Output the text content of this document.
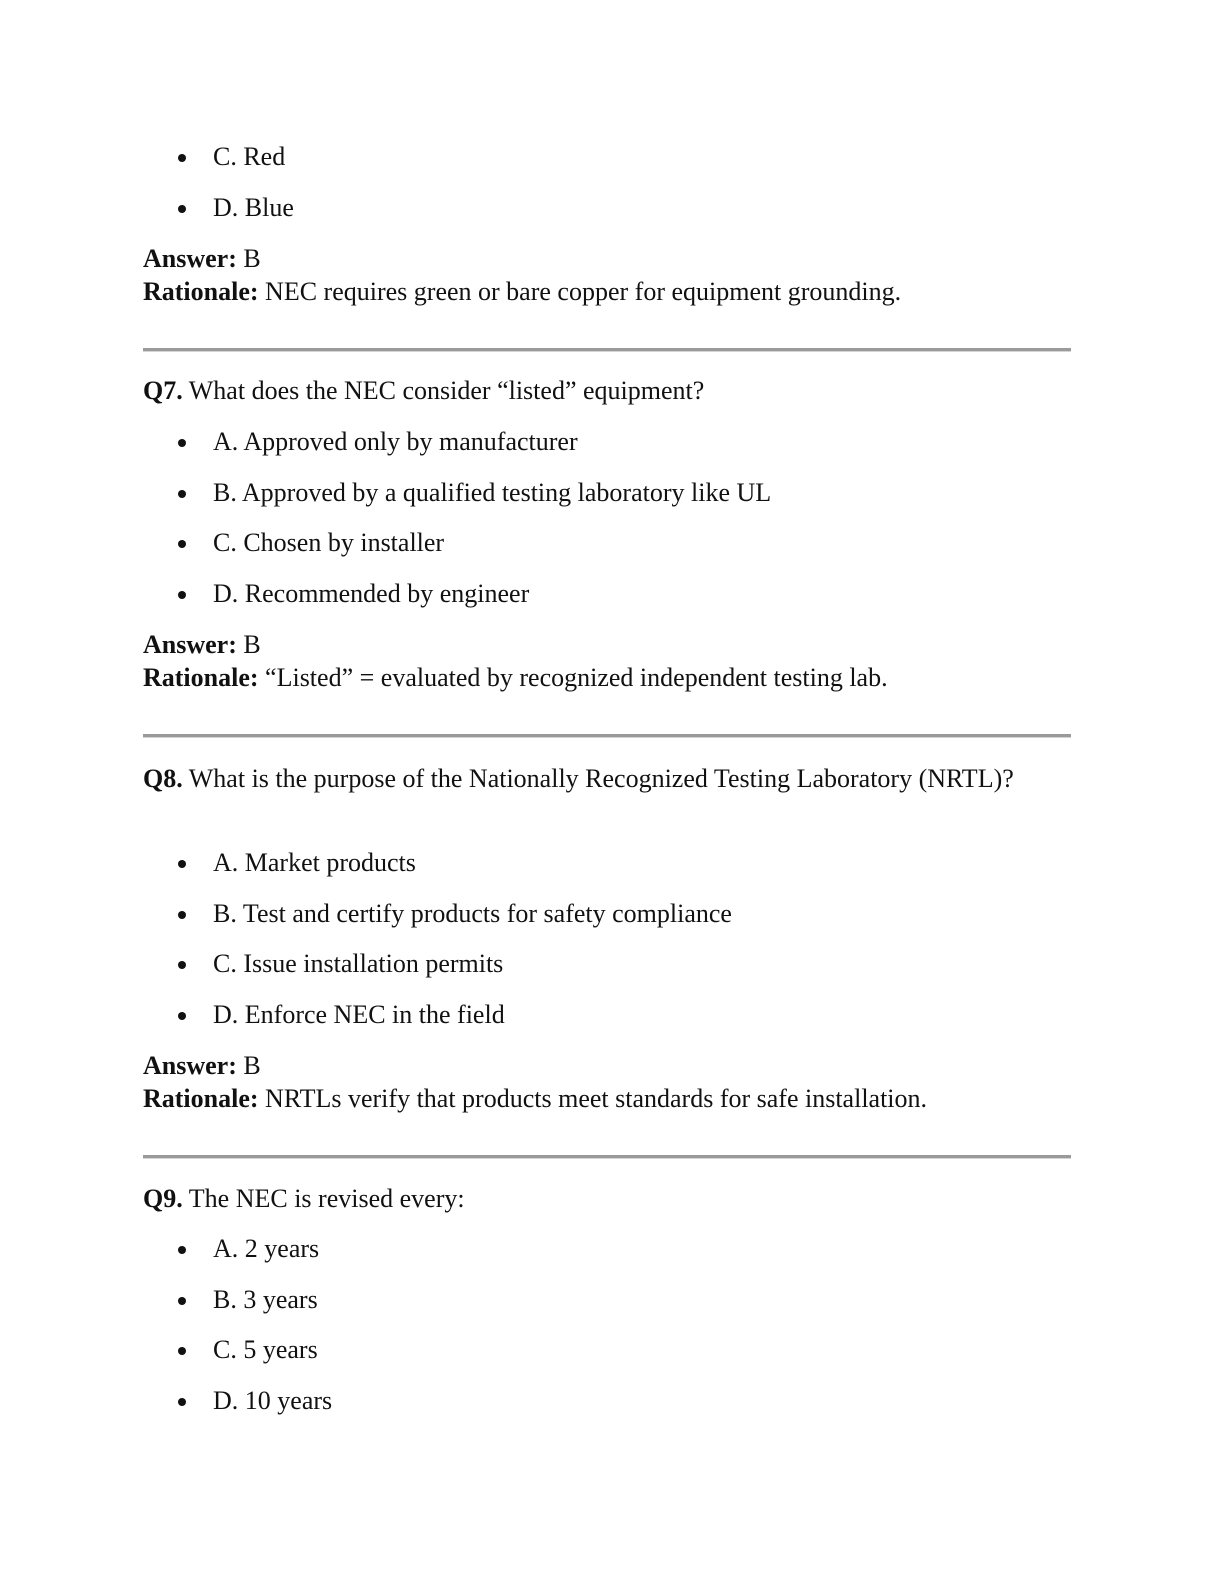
C. Red
D. Blue
Answer: B
Rationale: NEC requires green or bare copper for equipment grounding.
Q7. What does the NEC consider “listed” equipment?
A. Approved only by manufacturer
B. Approved by a qualified testing laboratory like UL
C. Chosen by installer
D. Recommended by engineer
Answer: B
Rationale: “Listed” = evaluated by recognized independent testing lab.
Q8. What is the purpose of the Nationally Recognized Testing Laboratory (NRTL)?
A. Market products
B. Test and certify products for safety compliance
C. Issue installation permits
D. Enforce NEC in the field
Answer: B
Rationale: NRTLs verify that products meet standards for safe installation.
Q9. The NEC is revised every:
A. 2 years
B. 3 years
C. 5 years
D. 10 years
